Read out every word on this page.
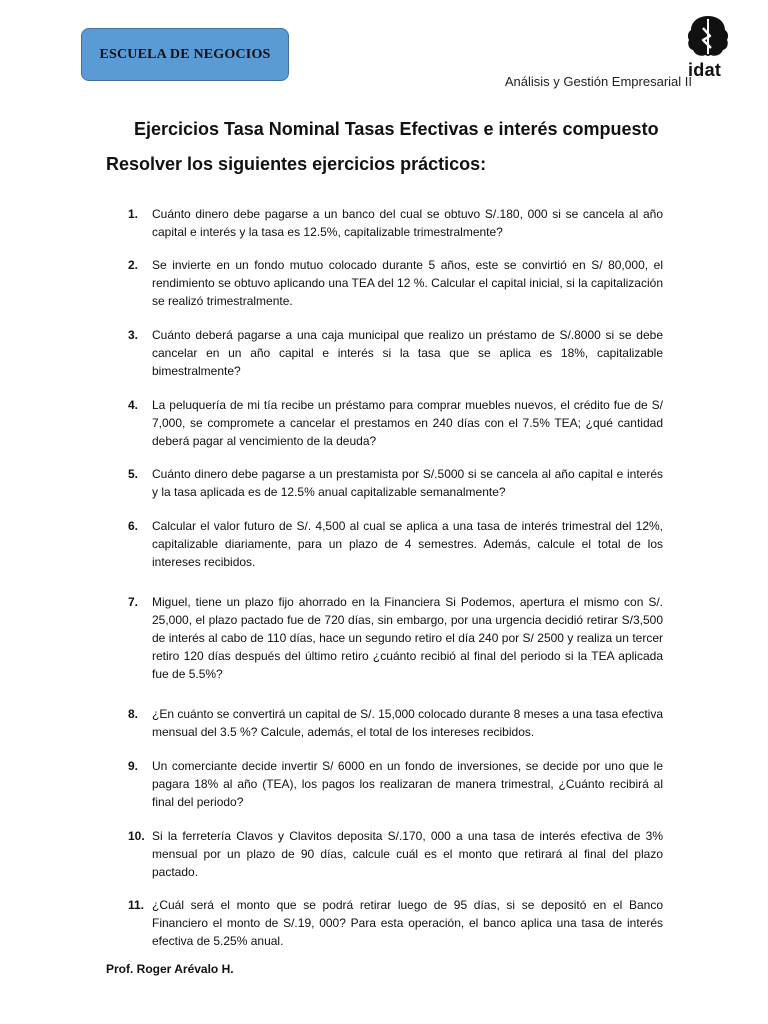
ESCUELA DE NEGOCIOS
idat
Análisis y Gestión Empresarial II
Ejercicios Tasa Nominal Tasas Efectivas e interés compuesto
Resolver los siguientes ejercicios prácticos:
1.	Cuánto dinero debe pagarse a un banco del cual se obtuvo S/.180, 000 si se cancela al año capital e interés y la tasa es 12.5%, capitalizable trimestralmente?
2.	Se invierte en un fondo mutuo colocado durante 5 años, este se convirtió en S/ 80,000, el rendimiento se obtuvo aplicando una TEA del 12 %. Calcular el capital inicial, si la capitalización se realizó trimestralmente.
3.	Cuánto deberá pagarse a una caja municipal que realizo un préstamo de S/.8000 si se debe cancelar en un año capital e interés si la tasa que se aplica es 18%, capitalizable bimestralmente?
4.	La peluquería de mi tía recibe un préstamo para comprar muebles nuevos, el crédito fue de S/ 7,000, se compromete a cancelar el prestamos en 240 días con el 7.5% TEA; ¿qué cantidad deberá pagar al vencimiento de la deuda?
5.	Cuánto dinero debe pagarse a un prestamista por S/.5000 si se cancela al año capital e interés y la tasa aplicada es de 12.5% anual capitalizable semanalmente?
6.	Calcular el valor futuro de S/. 4,500 al cual se aplica a una tasa de interés trimestral del 12%, capitalizable diariamente, para un plazo de 4 semestres. Además, calcule el total de los intereses recibidos.
7.	Miguel, tiene un plazo fijo ahorrado en la Financiera Si Podemos, apertura el mismo con S/. 25,000, el plazo pactado fue de 720 días, sin embargo, por una urgencia decidió retirar S/3,500 de interés al cabo de 110 días, hace un segundo retiro el día 240 por S/ 2500 y realiza un tercer retiro 120 días después del último retiro ¿cuánto recibió al final del periodo si la TEA aplicada fue de 5.5%?
8.	¿En cuánto se convertirá un capital de S/. 15,000 colocado durante 8 meses a una tasa efectiva mensual del 3.5 %? Calcule, además, el total de los intereses recibidos.
9.	Un comerciante decide invertir S/ 6000 en un fondo de inversiones, se decide por uno que le pagara 18% al año (TEA), los pagos los realizaran de manera trimestral, ¿Cuánto recibirá al final del periodo?
10. Si la ferretería Clavos y Clavitos deposita S/.170, 000 a una tasa de interés efectiva de 3% mensual por un plazo de 90 días, calcule cuál es el monto que retirará al final del plazo pactado.
11. ¿Cuál será el monto que se podrá retirar luego de 95 días, si se depositó en el Banco Financiero el monto de S/.19, 000? Para esta operación, el banco aplica una tasa de interés efectiva de 5.25% anual.
Prof. Roger Arévalo H.
